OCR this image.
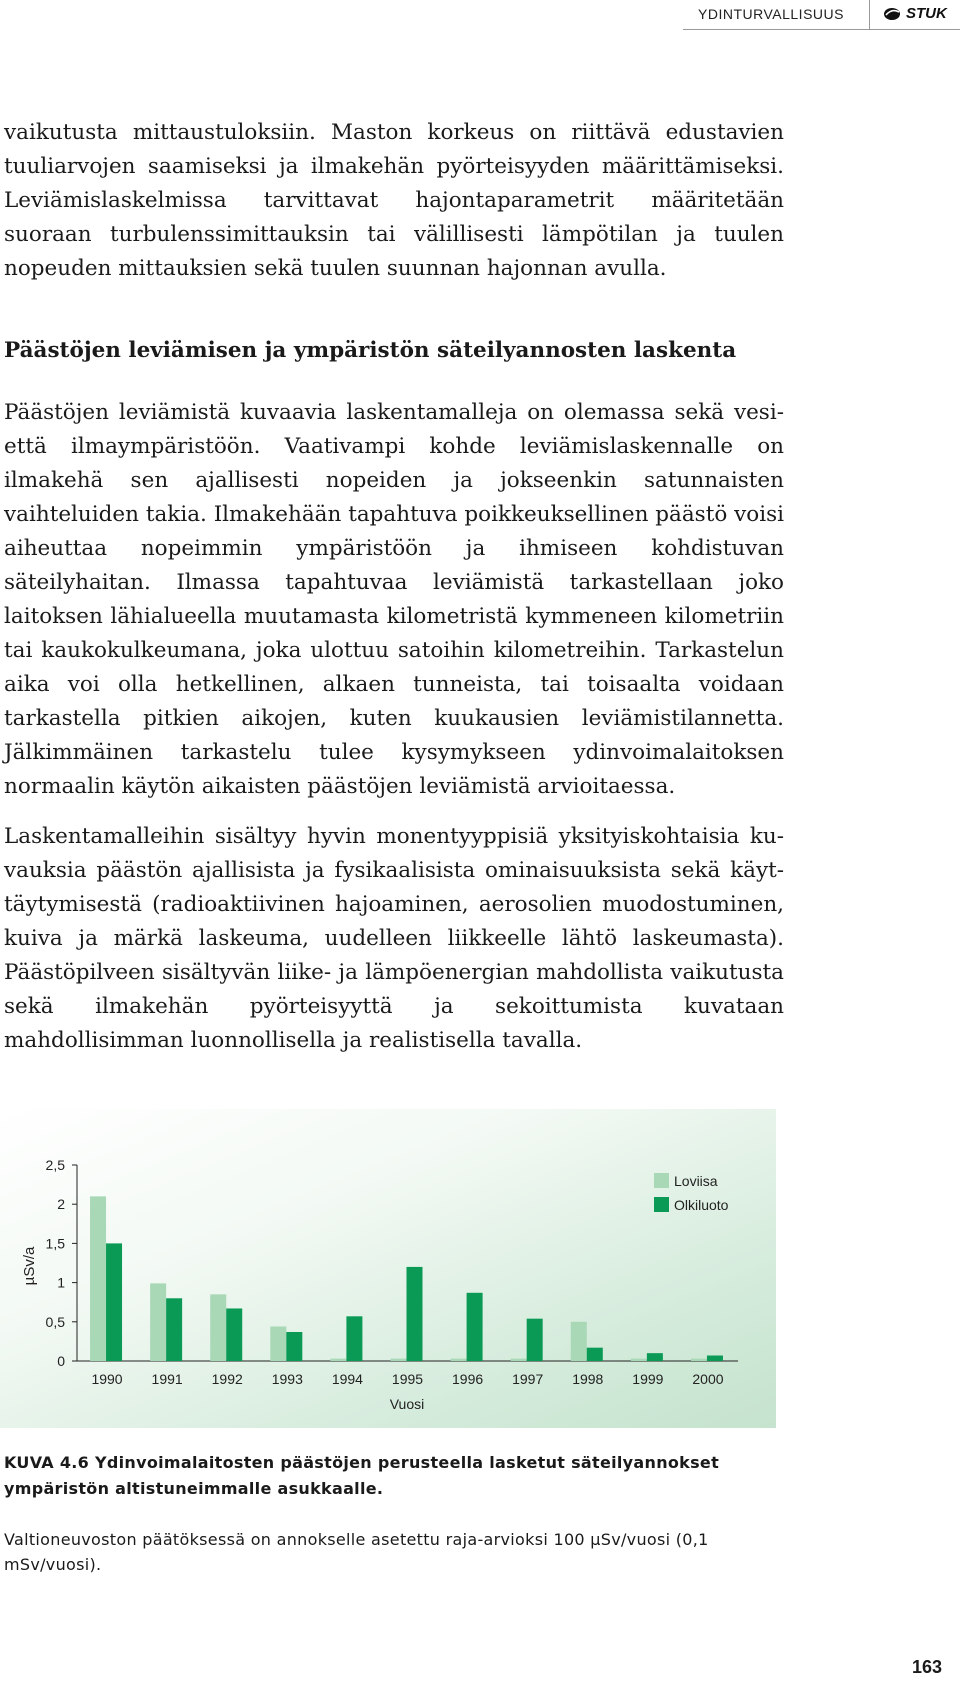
YDINTURVALLISUUS	STUK

vaikutusta mittaustuloksiin. Maston korkeus on riittävä edustavien tuuliarvojen saamiseksi ja ilmakehän pyörteisyyden määrittämiseksi. Leviämislaskelmissa tarvittavat hajontaparametrit määritetään suoraan turbulenssimittauksin tai välillisesti lämpötilan ja tuulen nopeuden mittauksien sekä tuulen suunnan hajonnan avulla.

Päästöjen leviämisen ja ympäristön säteilyannosten laskenta

Päästöjen leviämistä kuvaavia laskentamalleja on olemassa sekä vesiettä ilmaympäristöön. Vaativampi kohde leviämislaskennalle on ilmakehä sen ajallisesti nopeiden ja jokseenkin satunnaisten vaihteluiden takia. Ilmakehään tapahtuva poikkeuksellinen päästö voisi aiheuttaa nopeimmin ympäristöön ja ihmiseen kohdistuvan säteilyhaitan. Ilmassa tapahtuvaa leviämistä tarkastellaan joko laitoksen lähialueella muutamasta kilometristä kymmeneen kilometriin tai kaukokulkeumana, joka ulottuu satoihin kilometreihin. Tarkastelun aika voi olla hetkellinen, alkaen tunneista, tai toisaalta voidaan tarkastella pitkien aikojen, kuten kuukausien leviämistilannetta. Jälkimmäinen tarkastelu tulee kysymykseen ydinvoimalaitoksen normaalin käytön aikaisten päästöjen leviämistä arvioitaessa.

Laskentamalleihin sisältyy hyvin monentyyppisiä yksityiskohtaisia kuvauksia päästön ajallisista ja fysikaalisista ominaisuuksista sekä käyttäytymisestä (radioaktiivinen hajoaminen, aerosolien muodostuminen, kuiva ja märkä laskeuma, uudelleen liikkeelle lähtö laskeumasta). Päästöpilveen sisältyvän liike- ja lämpöenergian mahdollista vaikutusta sekä ilmakehän pyörteisyyttä ja sekoittumista kuvataan mahdollisimman luonnollisella ja realistisella tavalla.

0
0,5
1
1,5
2
2,5
1990 1991 1992 1993 1994 1995 1996 1997 1998 1999 2000
Vuosi
µSv/a
Loviisa
Olkiluoto

KUVA 4.6 Ydinvoimalaitosten päästöjen perusteella lasketut säteilyannokset ympäristön altistuneimmalle asukkaalle.

Valtioneuvoston päätöksessä on annokselle asetettu raja-arvioksi 100 µSv/vuosi (0,1 mSv/vuosi).

163
